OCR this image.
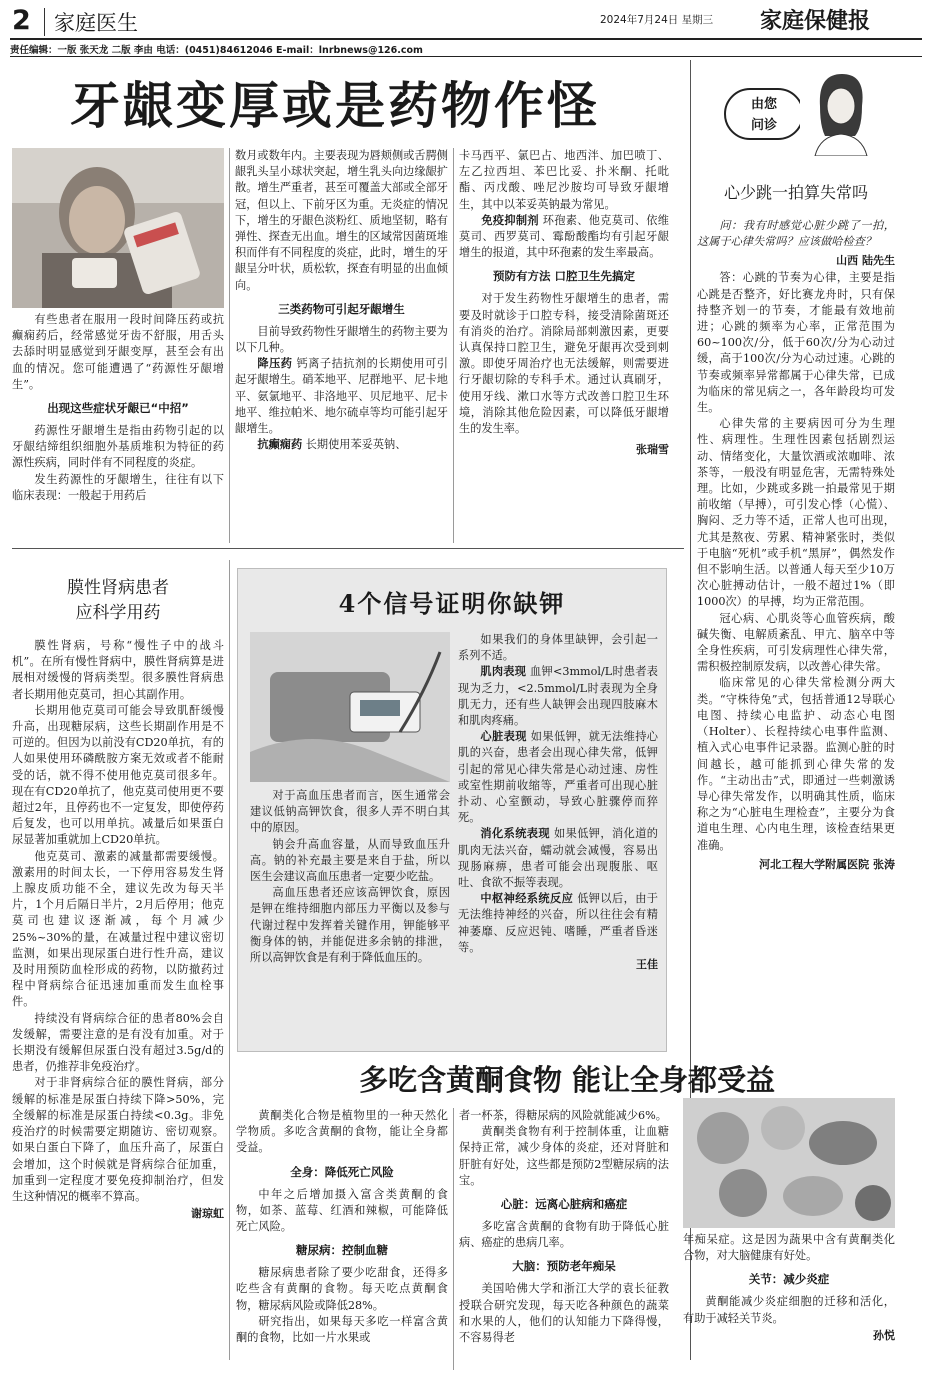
2 家庭医生	2024年7月24日 星期三 家庭保健报
责任编辑：一版 张天龙 二版 李由 电话：(0451)84612046 E-mail：lnrbnews@126.com
牙龈变厚或是药物作怪

有些患者在服用一段时间降压药或抗癫痫药后，经常感觉牙齿不舒服，用舌头去舔时明显感觉到牙龈变厚，甚至会有出血的情况。您可能遭遇了“药源性牙龈增生”。

出现这些症状牙龈已“中招”

药源性牙龈增生是指由药物引起的以牙龈结缔组织细胞外基质堆积为特征的药源性疾病，同时伴有不同程度的炎症。

发生药源性的牙龈增生，往往有以下临床表现：一般起于用药后

数月或数年内。主要表现为唇颊侧或舌腭侧龈乳头呈小球状突起，增生乳头向边缘龈扩散。增生严重者，甚至可覆盖大部或全部牙冠，但以上、下前牙区为重。无炎症的情况下，增生的牙龈色淡粉红、质地坚韧，略有弹性、探查无出血。增生的区域常因菌斑堆积而伴有不同程度的炎症，此时，增生的牙龈呈分叶状，质松软，探查有明显的出血倾向。

三类药物可引起牙龈增生

目前导致药物性牙龈增生的药物主要为以下几种。

降压药 钙离子拮抗剂的长期使用可引起牙龈增生。硝苯地平、尼群地平、尼卡地平、氨氯地平、非洛地平、贝尼地平、尼卡地平、维拉帕米、地尔硫卓等均可能引起牙龈增生。

抗癫痫药 长期使用苯妥英钠、

卡马西平、氯巴占、地西泮、加巴喷丁、左乙拉西坦、苯巴比妥、扑米酮、托吡酯、丙戊酸、唑尼沙胺均可导致牙龈增生，其中以苯妥英钠最为常见。

免疫抑制剂 环孢素、他克莫司、依维莫司、西罗莫司、霉酚酸酯均有引起牙龈增生的报道，其中环孢素的发生率最高。

预防有方法 口腔卫生先搞定

对于发生药物性牙龈增生的患者，需要及时就诊于口腔专科，接受清除菌斑还有消炎的治疗。消除局部刺激因素，更要认真保持口腔卫生，避免牙龈再次受到刺激。即使牙周治疗也无法缓解，则需要进行牙龈切除的专科手术。通过认真刷牙，使用牙线、漱口水等方式改善口腔卫生环境，消除其他危险因素，可以降低牙龈增生的发生率。

张瑞雪
由您
问诊
心少跳一拍算失常吗

问：我有时感觉心脏少跳了一拍，这属于心律失常吗？应该做哈检查？

山西 陆先生

答：心跳的节奏为心律，主要是指心跳是否整齐，好比赛龙舟时，只有保持整齐划一的节奏，才能最有效地前进；心跳的频率为心率，正常范围为60~100次/分，低于60次/分为心动过缓，高于100次/分为心动过速。心跳的节奏或频率异常都属于心律失常，已成为临床的常见病之一，各年龄段均可发生。

心律失常的主要病因可分为生理性、病理性。生理性因素包括剧烈运动、情绪变化，大量饮酒或浓咖啡、浓茶等，一般没有明显危害，无需特殊处理。比如，少跳或多跳一拍最常见于期前收缩（早搏），可引发心悸（心慌）、胸闷、乏力等不适，正常人也可出现，尤其是熬夜、劳累、精神紧张时，类似于电脑“死机”或手机“黑屏”，偶然发作但不影响生活。以普通人每天至少10万次心脏搏动估计，一般不超过1%（即1000次）的早搏，均为正常范围。

冠心病、心肌炎等心血管疾病，酸碱失衡、电解质紊乱、甲亢、脑卒中等全身性疾病，可引发病理性心律失常，需积极控制原发病，以改善心律失常。

临床常见的心律失常检测分两大类。“守株待兔”式，包括普通12导联心电图、持续心电监护、动态心电图（Holter）、长程持续心电事件监测、植入式心电事件记录器。监测心脏的时间越长，越可能抓到心律失常的发作。“主动出击”式，即通过一些刺激诱导心律失常发作，以明确其性质，临床称之为“心脏电生理检查”，主要分为食道电生理、心内电生理，该检查结果更准确。

河北工程大学附属医院 张涛
膜性肾病患者
应科学用药

膜性肾病，号称“慢性子中的战斗机”。在所有慢性肾病中，膜性肾病算是进展相对缓慢的肾病类型。很多膜性肾病患者长期用他克莫司，担心其副作用。

长期用他克莫司可能会导致肌酐缓慢升高，出现糖尿病，这些长期副作用是不可逆的。但因为以前没有CD20单抗，有的人如果使用环磷酰胺方案无效或者不能耐受的话，就不得不使用他克莫司很多年。现在有CD20单抗了，他克莫司使用更不要超过2年，且停药也不一定复发，即使停药后复发，也可以用单抗。减量后如果蛋白尿显著加重就加上CD20单抗。

他克莫司、激素的减量都需要缓慢。激素用的时间太长，一下停用容易发生肾上腺皮质功能不全，建议先改为每天半片，1个月后隔日半片，2月后停用；他克莫司也建议逐渐减，每个月减少25%~30%的量，在减量过程中建议密切监测，如果出现尿蛋白进行性升高，建议及时用预防血栓形成的药物，以防撤药过程中肾病综合征迅速加重而发生血栓事件。

持续没有肾病综合征的患者80%会自发缓解，需要注意的是有没有加重。对于长期没有缓解但尿蛋白没有超过3.5g/d的患者，仍推荐非免疫治疗。

对于非肾病综合征的膜性肾病，部分缓解的标准是尿蛋白持续下降>50%，完全缓解的标准是尿蛋白持续<0.3g。非免疫治疗的时候需要定期随访、密切观察。如果白蛋白下降了，血压升高了，尿蛋白会增加，这个时候就是肾病综合征加重，加重到一定程度才要免疫抑制治疗，但发生这种情况的概率不算高。

谢琼虹
4个信号证明你缺钾

对于高血压患者而言，医生通常会建议低钠高钾饮食，很多人弄不明白其中的原因。

钠会升高血容量，从而导致血压升高。钠的补充最主要是来自于盐，所以医生会建议高血压患者一定要少吃盐。

高血压患者还应该高钾饮食，原因是钾在维持细胞内部压力平衡以及参与代谢过程中发挥着关键作用，钾能够平衡身体的钠，并能促进多余钠的排泄，所以高钾饮食是有利于降低血压的。

如果我们的身体里缺钾，会引起一系列不适。

肌肉表现 血钾<3mmol/L时患者表现为乏力，<2.5mmol/L时表现为全身肌无力，还有些人缺钾会出现四肢麻木和肌肉疼痛。

心脏表现 如果低钾，就无法维持心肌的兴奋，患者会出现心律失常，低钾引起的常见心律失常是心动过速、房性或室性期前收缩等，严重者可出现心脏扑动、心室颤动，导致心脏骤停而猝死。

消化系统表现 如果低钾，消化道的肌肉无法兴奋，蠕动就会减慢，容易出现肠麻痹，患者可能会出现腹胀、呕吐、食欲不振等表现。

中枢神经系统反应 低钾以后，由于无法维持神经的兴奋，所以往往会有精神萎靡、反应迟钝、嗜睡，严重者昏迷等。

王佳
多吃含黄酮食物 能让全身都受益

黄酮类化合物是植物里的一种天然化学物质。多吃含黄酮的食物，能让全身都受益。

全身：降低死亡风险

中年之后增加摄入富含类黄酮的食物，如茶、蓝莓、红酒和辣椒，可能降低死亡风险。

糖尿病：控制血糖

糖尿病患者除了要少吃甜食，还得多吃些含有黄酮的食物。每天吃点黄酮食物，糖尿病风险或降低28%。

研究指出，如果每天多吃一样富含黄酮的食物，比如一片水果或

者一杯茶，得糖尿病的风险就能减少6%。

黄酮类食物有利于控制体重，让血糖保持正常，减少身体的炎症，还对肾脏和肝脏有好处，这些都是预防2型糖尿病的法宝。

心脏：远离心脏病和癌症

多吃富含黄酮的食物有助于降低心脏病、癌症的患病几率。

大脑：预防老年痴呆

美国哈佛大学和浙江大学的袁长征教授联合研究发现，每天吃各种颜色的蔬菜和水果的人，他们的认知能力下降得慢，不容易得老

年痴呆症。这是因为蔬果中含有黄酮类化合物，对大脑健康有好处。

关节：减少炎症

黄酮能减少炎症细胞的迁移和活化，有助于减轻关节炎。

孙悦
